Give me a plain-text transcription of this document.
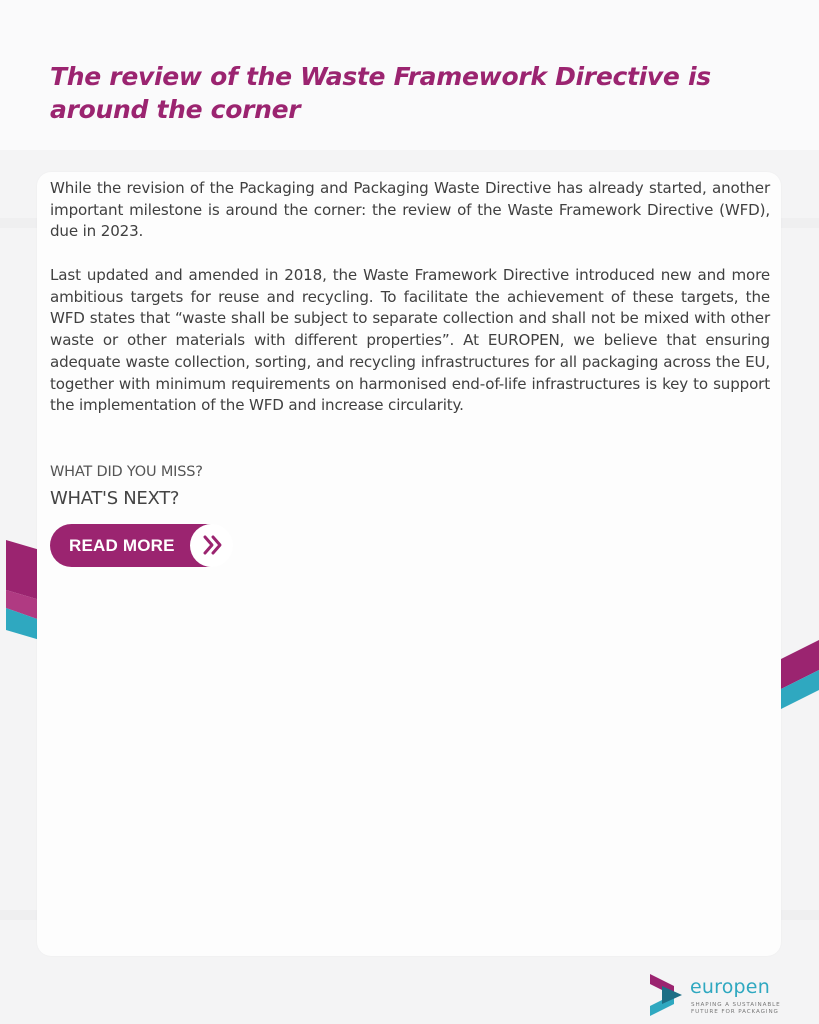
The review of the Waste Framework Directive is around the corner

While the revision of the Packaging and Packaging Waste Directive has already started, another important milestone is around the corner: the review of the Waste Framework Directive (WFD), due in 2023.

Last updated and amended in 2018, the Waste Framework Directive introduced new and more ambitious targets for reuse and recycling. To facilitate the achievement of these targets, the WFD states that “waste shall be subject to separate collection and shall not be mixed with other waste or other materials with different properties”. At EUROPEN, we believe that ensuring adequate waste collection, sorting, and recycling infrastructures for all packaging across the EU, together with minimum requirements on harmonised end-of-life infrastructures is key to support the implementation of the WFD and increase circularity.

WHAT DID YOU MISS?

WHAT'S NEXT?

READ MORE

europen

SHAPING A SUSTAINABLE FUTURE FOR PACKAGING
